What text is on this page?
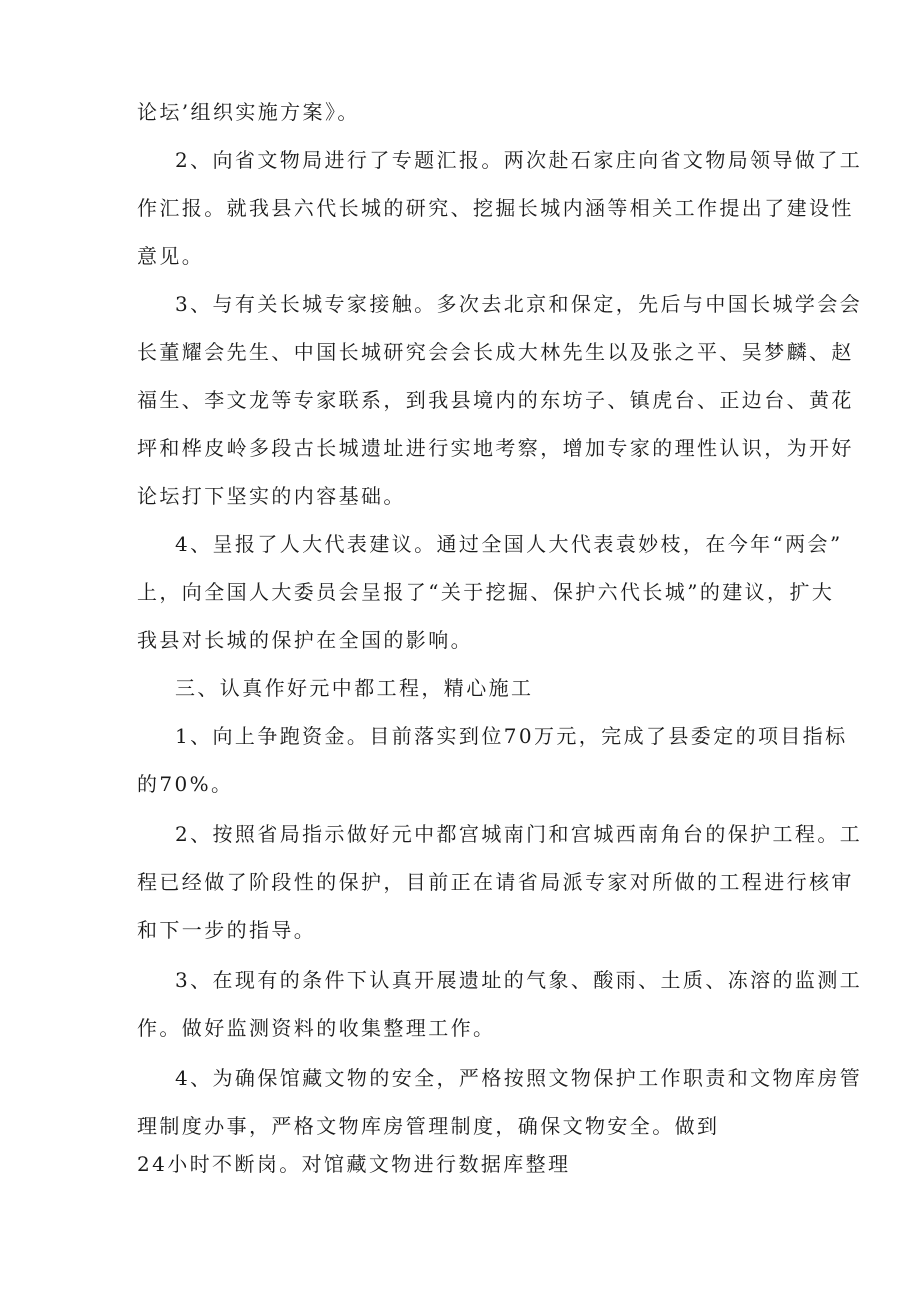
论坛’组织实施方案》。
2、向省文物局进行了专题汇报。两次赴石家庄向省文物局领导做了工
作汇报。就我县六代长城的研究、挖掘长城内涵等相关工作提出了建设性
意见。
3、与有关长城专家接触。多次去北京和保定，先后与中国长城学会会
长董耀会先生、中国长城研究会会长成大林先生以及张之平、吴梦麟、赵
福生、李文龙等专家联系，到我县境内的东坊子、镇虎台、正边台、黄花
坪和桦皮岭多段古长城遗址进行实地考察，增加专家的理性认识，为开好
论坛打下坚实的内容基础。
4、呈报了人大代表建议。通过全国人大代表袁妙枝，在今年“两会”
上，向全国人大委员会呈报了“关于挖掘、保护六代长城”的建议，扩大
我县对长城的保护在全国的影响。
三、认真作好元中都工程，精心施工
1、向上争跑资金。目前落实到位70万元，完成了县委定的项目指标
的70%。
2、按照省局指示做好元中都宫城南门和宫城西南角台的保护工程。工
程已经做了阶段性的保护，目前正在请省局派专家对所做的工程进行核审
和下一步的指导。
3、在现有的条件下认真开展遗址的气象、酸雨、土质、冻溶的监测工
作。做好监测资料的收集整理工作。
4、为确保馆藏文物的安全，严格按照文物保护工作职责和文物库房管
理制度办事，严格文物库房管理制度，确保文物安全。做到
24小时不断岗。对馆藏文物进行数据库整理
